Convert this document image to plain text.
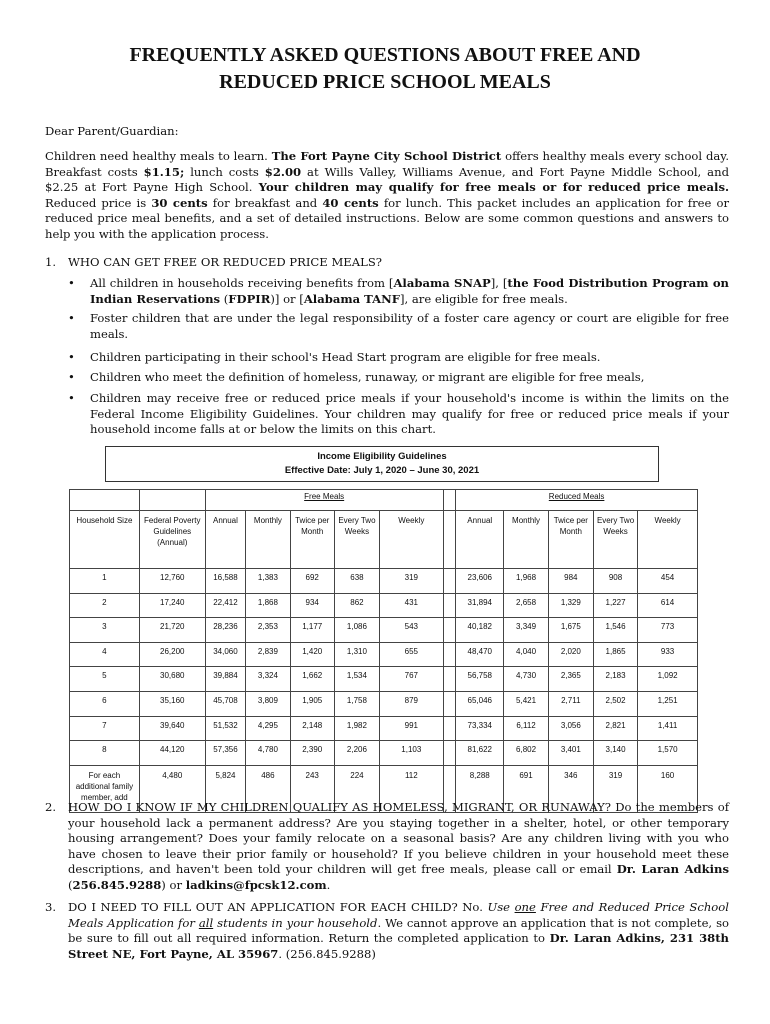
FREQUENTLY ASKED QUESTIONS ABOUT FREE AND
REDUCED PRICE SCHOOL MEALS
Dear Parent/Guardian:
Children need healthy meals to learn. The Fort Payne City School District offers healthy meals every school day. Breakfast costs $1.15; lunch costs $2.00 at Wills Valley, Williams Avenue, and Fort Payne Middle School, and $2.25 at Fort Payne High School. Your children may qualify for free meals or for reduced price meals. Reduced price is 30 cents for breakfast and 40 cents for lunch. This packet includes an application for free or reduced price meal benefits, and a set of detailed instructions. Below are some common questions and answers to help you with the application process.
1. WHO CAN GET FREE OR REDUCED PRICE MEALS?
• All children in households receiving benefits from [Alabama SNAP], [the Food Distribution Program on Indian Reservations (FDPIR)] or [Alabama TANF], are eligible for free meals.
• Foster children that are under the legal responsibility of a foster care agency or court are eligible for free meals.
• Children participating in their school's Head Start program are eligible for free meals.
• Children who meet the definition of homeless, runaway, or migrant are eligible for free meals,
• Children may receive free or reduced price meals if your household's income is within the limits on the Federal Income Eligibility Guidelines. Your children may qualify for free or reduced price meals if your household income falls at or below the limits on this chart.
Income Eligibility Guidelines
Effective Date: July 1, 2020 – June 30, 2021
		Free Meals						Reduced Meals				
Household Size	Federal Poverty Guidelines (Annual)	Annual	Monthly	Twice per Month	Every Two Weeks	Weekly		Annual	Monthly	Twice per Month	Every Two Weeks	Weekly
1	12,760	16,588	1,383	692	638	319		23,606	1,968	984	908	454
2	17,240	22,412	1,868	934	862	431		31,894	2,658	1,329	1,227	614
3	21,720	28,236	2,353	1,177	1,086	543		40,182	3,349	1,675	1,546	773
4	26,200	34,060	2,839	1,420	1,310	655		48,470	4,040	2,020	1,865	933
5	30,680	39,884	3,324	1,662	1,534	767		56,758	4,730	2,365	2,183	1,092
6	35,160	45,708	3,809	1,905	1,758	879		65,046	5,421	2,711	2,502	1,251
7	39,640	51,532	4,295	2,148	1,982	991		73,334	6,112	3,056	2,821	1,411
8	44,120	57,356	4,780	2,390	2,206	1,103		81,622	6,802	3,401	3,140	1,570
For each additional family member, add	4,480	5,824	486	243	224	112		8,288	691	346	319	160
2. HOW DO I KNOW IF MY CHILDREN QUALIFY AS HOMELESS, MIGRANT, OR RUNAWAY? Do the members of your household lack a permanent address? Are you staying together in a shelter, hotel, or other temporary housing arrangement? Does your family relocate on a seasonal basis? Are any children living with you who have chosen to leave their prior family or household? If you believe children in your household meet these descriptions, and haven't been told your children will get free meals, please call or email Dr. Laran Adkins (256.845.9288) or ladkins@fpcsk12.com.
3. DO I NEED TO FILL OUT AN APPLICATION FOR EACH CHILD? No. Use one Free and Reduced Price School Meals Application for all students in your household. We cannot approve an application that is not complete, so be sure to fill out all required information. Return the completed application to Dr. Laran Adkins, 231 38th Street NE, Fort Payne, AL 35967. (256.845.9288)
